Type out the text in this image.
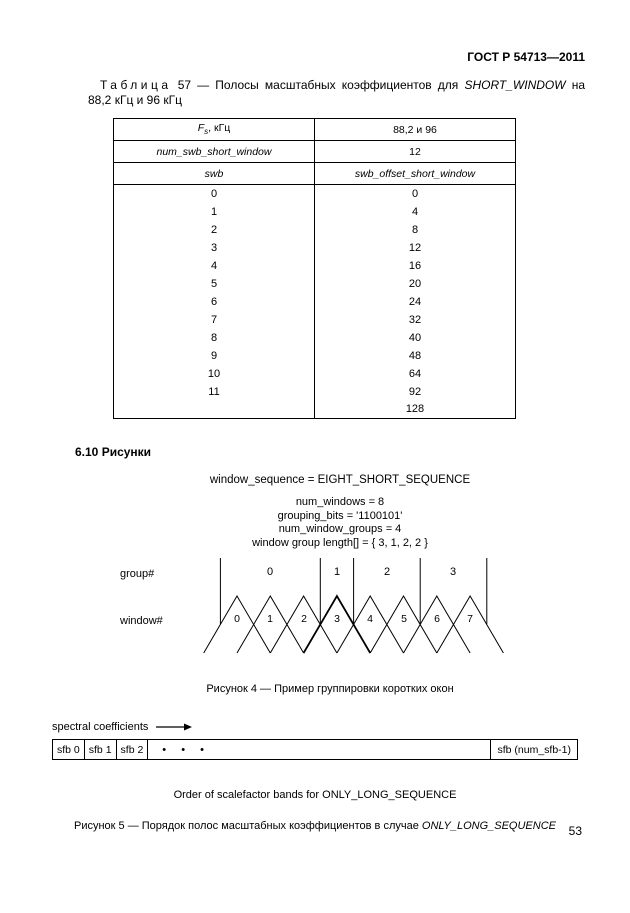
ГОСТ Р 54713—2011

Таблица 57 — Полосы масштабных коэффициентов для SHORT_WINDOW на

88,2 кГц и 96 кГц
$F_s$, кГц	88,2 и 96
num_swb_short_window	12
swb	swb_offset_short_window
0	0
1	4
2	8
3	12
4	16
5	20
6	24
7	32
8	40
9	48
10	64
11	92
	128
6.10 Рисунки
window_sequence = EIGHT_SHORT_SEQUENCE
num_windows = 8
grouping_bits = '1100101'
num_window_groups = 4
window group length[] = { 3, 1, 2, 2 }
group#
window#
0	1	2	3
0	1	2	3	4	5	6	7
Рисунок 4 — Пример группировки коротких окон
spectral coefficients
sfb 0 sfb 1 sfb 2	• • •	sfb (num_sfb-1)
Order of scalefactor bands for ONLY_LONG_SEQUENCE
Рисунок 5 — Порядок полос масштабных коэффициентов в случае ONLY_LONG_SEQUENCE	53
